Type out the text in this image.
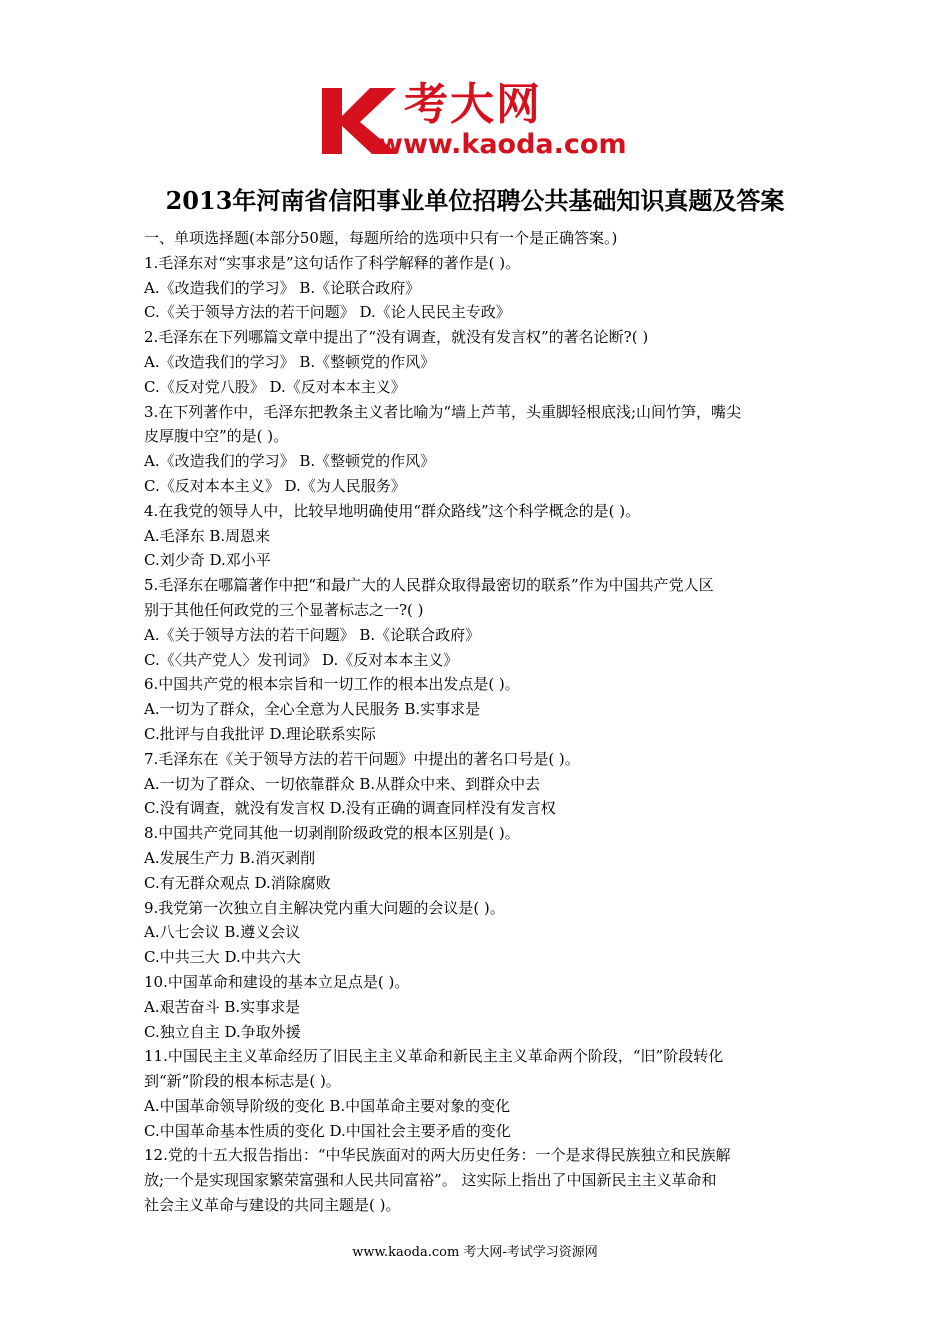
考大网
www.kaoda.com
2013年河南省信阳事业单位招聘公共基础知识真题及答案
一、单项选择题(本部分50题，每题所给的选项中只有一个是正确答案。)
1.毛泽东对“实事求是”这句话作了科学解释的著作是( )。
A.《改造我们的学习》 B.《论联合政府》
C.《关于领导方法的若干问题》 D.《论人民民主专政》
2.毛泽东在下列哪篇文章中提出了“没有调查，就没有发言权”的著名论断?( )
A.《改造我们的学习》 B.《整顿党的作风》
C.《反对党八股》 D.《反对本本主义》
3.在下列著作中，毛泽东把教条主义者比喻为“墙上芦苇，头重脚轻根底浅;山间竹笋，嘴尖
皮厚腹中空”的是( )。
A.《改造我们的学习》 B.《整顿党的作风》
C.《反对本本主义》 D.《为人民服务》
4.在我党的领导人中，比较早地明确使用“群众路线”这个科学概念的是( )。
A.毛泽东 B.周恩来
C.刘少奇 D.邓小平
5.毛泽东在哪篇著作中把“和最广大的人民群众取得最密切的联系”作为中国共产党人区
别于其他任何政党的三个显著标志之一?( )
A.《关于领导方法的若干问题》 B.《论联合政府》
C.《〈共产党人〉发刊词》 D.《反对本本主义》
6.中国共产党的根本宗旨和一切工作的根本出发点是( )。
A.一切为了群众，全心全意为人民服务 B.实事求是
C.批评与自我批评 D.理论联系实际
7.毛泽东在《关于领导方法的若干问题》中提出的著名口号是( )。
A.一切为了群众、一切依靠群众 B.从群众中来、到群众中去
C.没有调查，就没有发言权 D.没有正确的调查同样没有发言权
8.中国共产党同其他一切剥削阶级政党的根本区别是( )。
A.发展生产力 B.消灭剥削
C.有无群众观点 D.消除腐败
9.我党第一次独立自主解决党内重大问题的会议是( )。
A.八七会议 B.遵义会议
C.中共三大 D.中共六大
10.中国革命和建设的基本立足点是( )。
A.艰苦奋斗 B.实事求是
C.独立自主 D.争取外援
11.中国民主主义革命经历了旧民主主义革命和新民主主义革命两个阶段，“旧”阶段转化
到“新”阶段的根本标志是( )。
A.中国革命领导阶级的变化 B.中国革命主要对象的变化
C.中国革命基本性质的变化 D.中国社会主要矛盾的变化
12.党的十五大报告指出：“中华民族面对的两大历史任务：一个是求得民族独立和民族解
放;一个是实现国家繁荣富强和人民共同富裕”。 这实际上指出了中国新民主主义革命和
社会主义革命与建设的共同主题是( )。
www.kaoda.com 考大网-考试学习资源网
